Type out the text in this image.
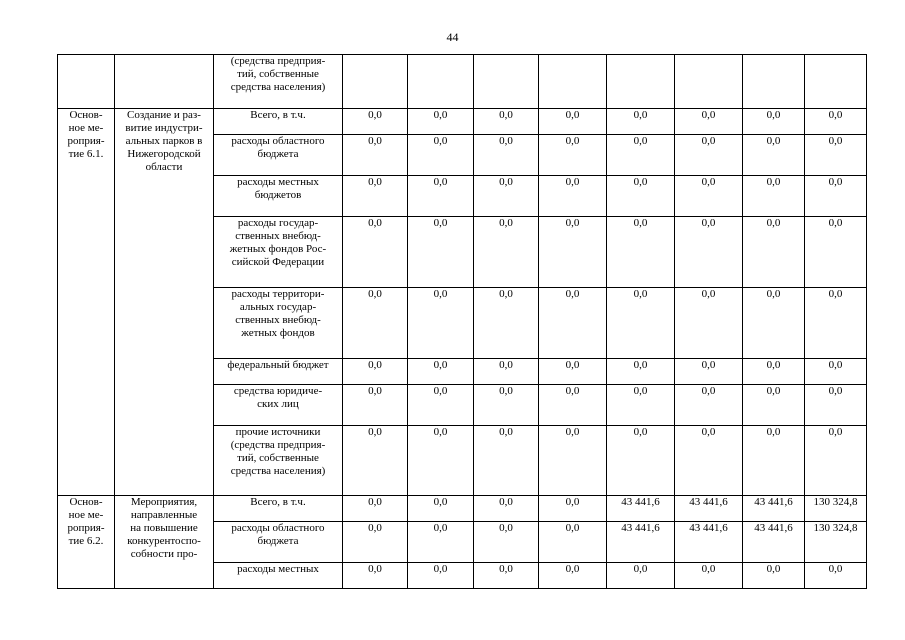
44

		(средства предприя-
тий, собственные
средства населения)								

Основ-
ное ме-
роприя-
тие 6.1.	Создание и раз-
витие индустри-
альных парков в
Нижегородской
области	Всего, в т.ч.	0,0	0,0	0,0	0,0	0,0	0,0	0,0	0,0

		расходы областного
бюджета	0,0	0,0	0,0	0,0	0,0	0,0	0,0	0,0

		расходы местных
бюджетов	0,0	0,0	0,0	0,0	0,0	0,0	0,0	0,0

		расходы государ-
ственных внебюд-
жетных фондов Рос-
сийской Федерации	0,0	0,0	0,0	0,0	0,0	0,0	0,0	0,0

		расходы территори-
альных государ-
ственных внебюд-
жетных фондов	0,0	0,0	0,0	0,0	0,0	0,0	0,0	0,0

		федеральный бюджет	0,0	0,0	0,0	0,0	0,0	0,0	0,0	0,0

		средства юридиче-
ских лиц	0,0	0,0	0,0	0,0	0,0	0,0	0,0	0,0

		прочие источники
(средства предприя-
тий, собственные
средства населения)	0,0	0,0	0,0	0,0	0,0	0,0	0,0	0,0

Основ-
ное ме-
роприя-
тие 6.2.	Мероприятия,
направленные
на повышение
конкурентоспо-
собности про-	Всего, в т.ч.	0,0	0,0	0,0	0,0	43 441,6	43 441,6	43 441,6	130 324,8

		расходы областного
бюджета	0,0	0,0	0,0	0,0	43 441,6	43 441,6	43 441,6	130 324,8

		расходы местных	0,0	0,0	0,0	0,0	0,0	0,0	0,0	0,0
